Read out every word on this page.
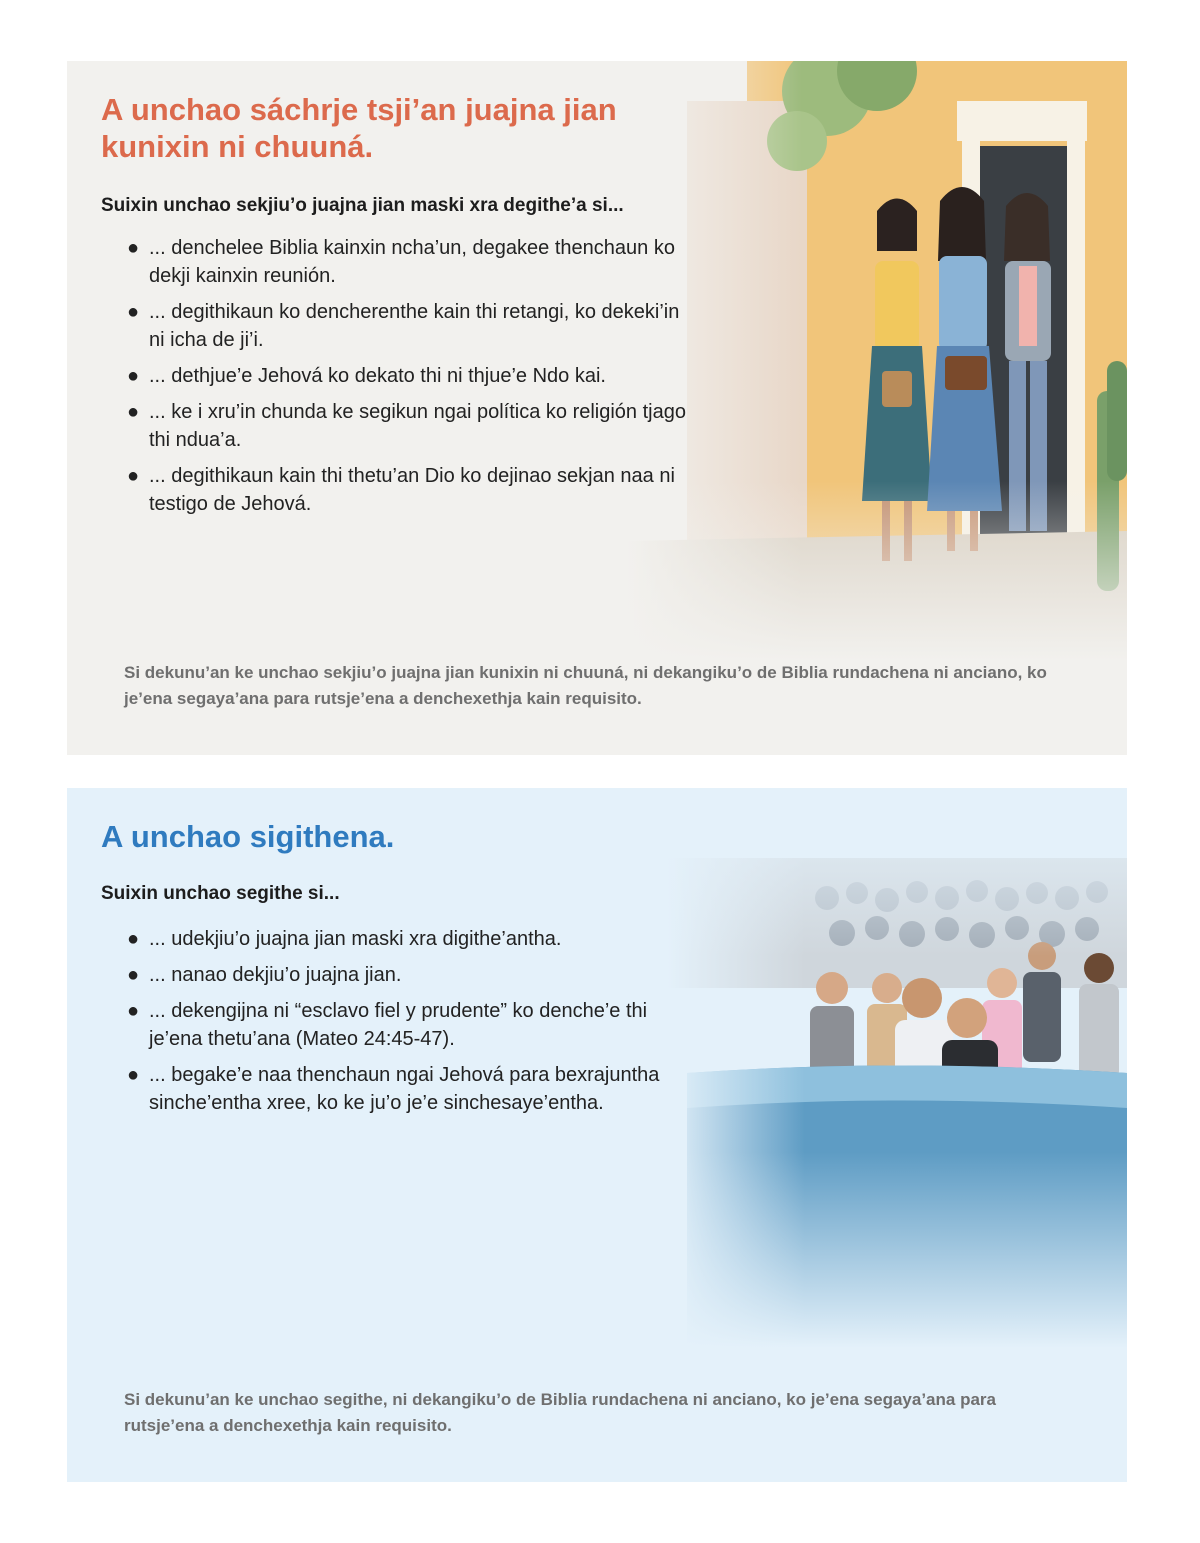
A unchao sáchrje tsji’an juajna jian kunixin ni chuuná.

Suixin unchao sekjiu’o juajna jian maski xra degithe’a si...

● ... denchelee Biblia kainxin ncha’un, degakee thenchaun ko dekji kainxin reunión.
● ... degithikaun ko dencherenthe kain thi retangi, ko dekeki’in ni icha de ji’i.
● ... dethjue’e Jehová ko dekato thi ni thjue’e Ndo kai.
● ... ke i xru’in chunda ke segikun ngai política ko religión tjago thi ndua’a.
● ... degithikaun kain thi thetu’an Dio ko dejinao sekjan naa ni testigo de Jehová.

Si dekunu’an ke unchao sekjiu’o juajna jian kunixin ni chuuná, ni dekangiku’o de Biblia rundachena ni anciano, ko je’ena segaya’ana para rutsje’ena a denchexethja kain requisito.

A unchao sigithena.

Suixin unchao segithe si...

● ... udekjiu’o juajna jian maski xra digithe’antha.
● ... nanao dekjiu’o juajna jian.
● ... dekengijna ni “esclavo fiel y prudente” ko denche’e thi je’ena thetu’ana (Mateo 24:45-47).
● ... begake’e naa thenchaun ngai Jehová para bexrajuntha sinche’entha xree, ko ke ju’o je’e sinchesaye’entha.

Si dekunu’an ke unchao segithe, ni dekangiku’o de Biblia rundachena ni anciano, ko je’ena segaya’ana para rutsje’ena a denchexethja kain requisito.
